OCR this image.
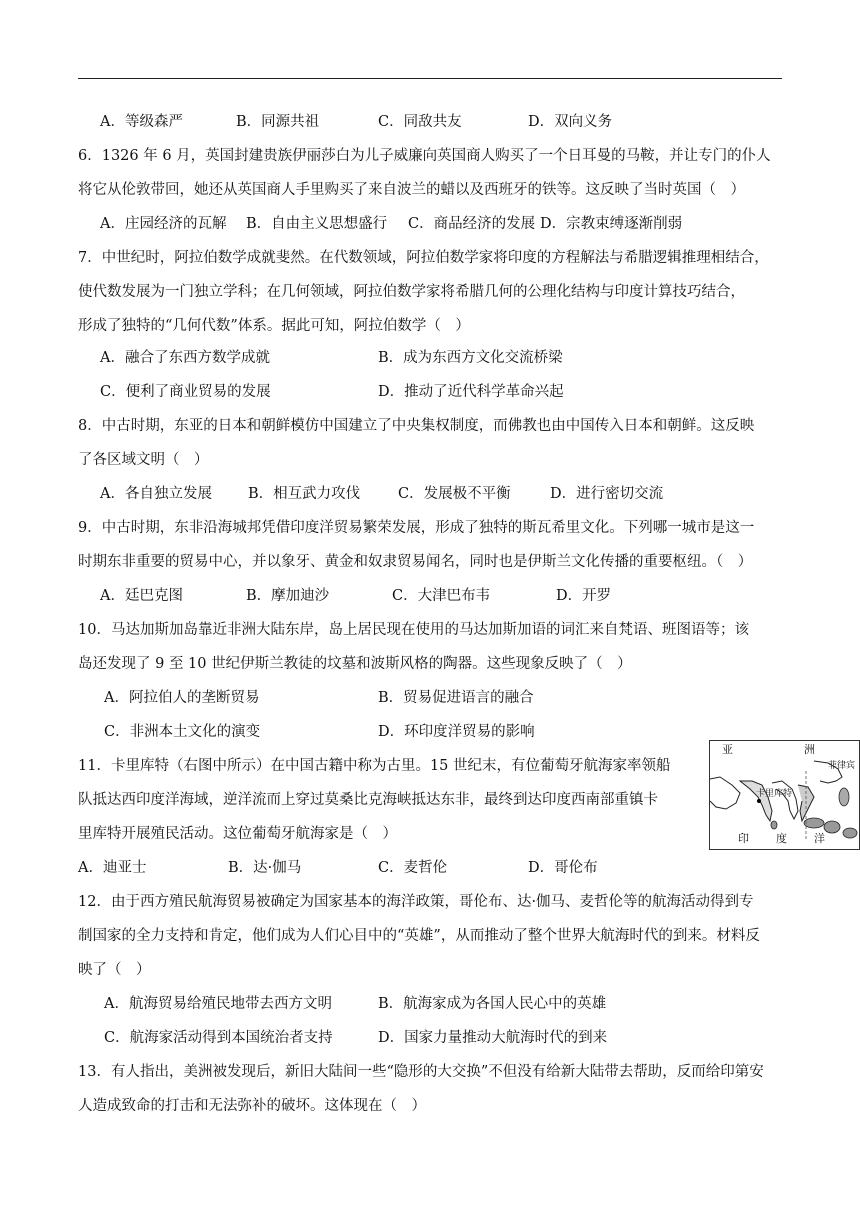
A．等级森严	B．同源共祖	C．同敌共友	D．双向义务
6．1326 年 6 月，英国封建贵族伊丽莎白为儿子威廉向英国商人购买了一个日耳曼的马鞍，并让专门的仆人
将它从伦敦带回，她还从英国商人手里购买了来自波兰的蜡以及西班牙的铁等。这反映了当时英国（　）
A．庄园经济的瓦解 B．自由主义思想盛行 C．商品经济的发展 D．宗教束缚逐渐削弱
7．中世纪时，阿拉伯数学成就斐然。在代数领域，阿拉伯数学家将印度的方程解法与希腊逻辑推理相结合，
使代数发展为一门独立学科；在几何领域，阿拉伯数学家将希腊几何的公理化结构与印度计算技巧结合，
形成了独特的“几何代数”体系。据此可知，阿拉伯数学（　）
A．融合了东西方数学成就	B．成为东西方文化交流桥梁
C．便利了商业贸易的发展	D．推动了近代科学革命兴起
8．中古时期，东亚的日本和朝鲜模仿中国建立了中央集权制度，而佛教也由中国传入日本和朝鲜。这反映
了各区域文明（　）
A．各自独立发展 B．相互武力攻伐	C．发展极不平衡	D．进行密切交流
9．中古时期，东非沿海城邦凭借印度洋贸易繁荣发展，形成了独特的斯瓦希里文化。下列哪一城市是这一
时期东非重要的贸易中心，并以象牙、黄金和奴隶贸易闻名，同时也是伊斯兰文化传播的重要枢纽。（　）
A．廷巴克图	B．摩加迪沙	C．大津巴布韦	D．开罗
10．马达加斯加岛靠近非洲大陆东岸，岛上居民现在使用的马达加斯加语的词汇来自梵语、班图语等；该
岛还发现了 9 至 10 世纪伊斯兰教徒的坟墓和波斯风格的陶器。这些现象反映了（　）
A．阿拉伯人的垄断贸易	B．贸易促进语言的融合
C．非洲本土文化的演变	D．环印度洋贸易的影响
11．卡里库特（右图中所示）在中国古籍中称为古里。15 世纪末，有位葡萄牙航海家率领船
队抵达西印度洋海域，逆洋流而上穿过莫桑比克海峡抵达东非，最终到达印度西南部重镇卡
里库特开展殖民活动。这位葡萄牙航海家是（　）
A．迪亚士	B．达·伽马	C．麦哲伦	D．哥伦布
亚	洲
卡里库特
菲律宾
印 度 洋
12．由于西方殖民航海贸易被确定为国家基本的海洋政策，哥伦布、达·伽马、麦哲伦等的航海活动得到专
制国家的全力支持和肯定，他们成为人们心目中的“英雄”，从而推动了整个世界大航海时代的到来。材料反
映了（　）
A．航海贸易给殖民地带去西方文明	B．航海家成为各国人民心中的英雄
C．航海家活动得到本国统治者支持	D．国家力量推动大航海时代的到来
13．有人指出，美洲被发现后，新旧大陆间一些“隐形的大交换”不但没有给新大陆带去帮助，反而给印第安
人造成致命的打击和无法弥补的破坏。这体现在（　）
